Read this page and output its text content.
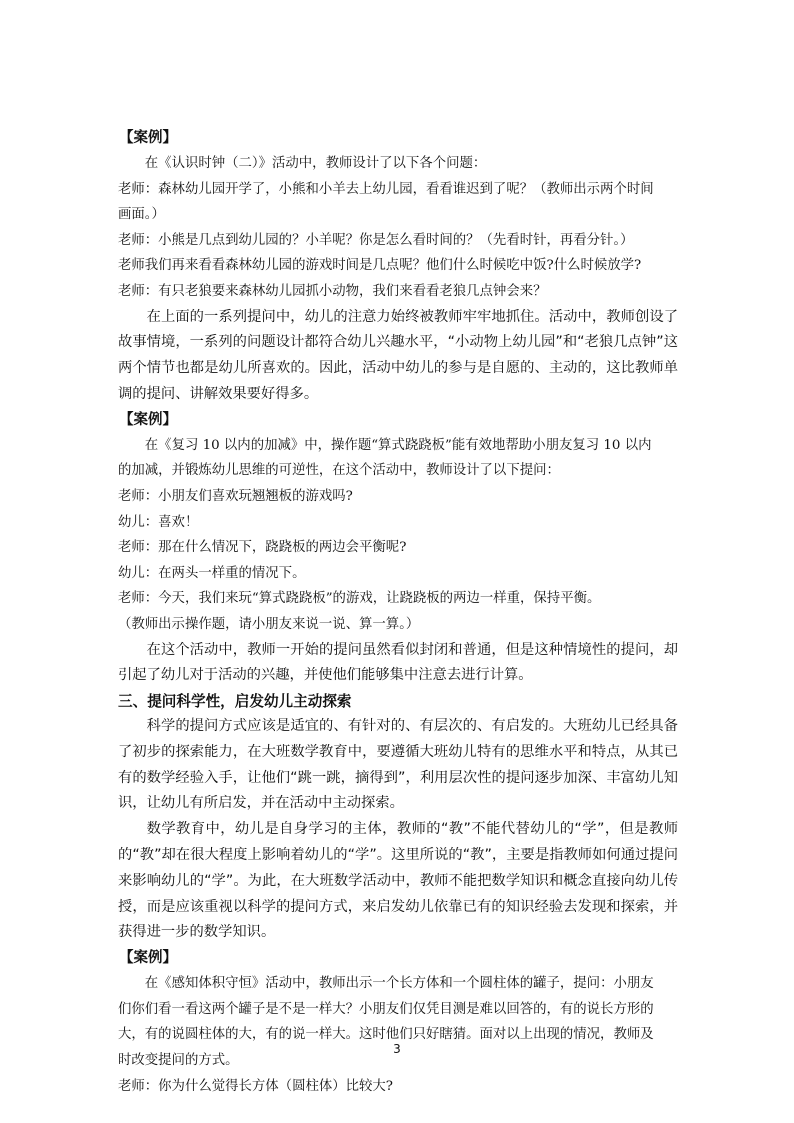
【案例】
在《认识时钟（二）》活动中，教师设计了以下各个问题：
老师：森林幼儿园开学了，小熊和小羊去上幼儿园，看看谁迟到了呢？（教师出示两个时间
画面。）
老师：小熊是几点到幼儿园的？小羊呢？你是怎么看时间的？（先看时针，再看分针。）
老师我们再来看看森林幼儿园的游戏时间是几点呢？他们什么时候吃中饭?什么时候放学?
老师：有只老狼要来森林幼儿园抓小动物，我们来看看老狼几点钟会来？
在上面的一系列提问中，幼儿的注意力始终被教师牢牢地抓住。活动中，教师创设了故事情境，一系列的问题设计都符合幼儿兴趣水平，“小动物上幼儿园”和“老狼几点钟”这两个情节也都是幼儿所喜欢的。因此，活动中幼儿的参与是自愿的、主动的，这比教师单调的提问、讲解效果要好得多。
【案例】
在《复习 10 以内的加减》中，操作题“算式跷跷板”能有效地帮助小朋友复习 10 以内
的加减，并锻炼幼儿思维的可逆性，在这个活动中，教师设计了以下提问：
老师：小朋友们喜欢玩翘翘板的游戏吗?
幼儿：喜欢！
老师：那在什么情况下，跷跷板的两边会平衡呢?
幼儿：在两头一样重的情况下。
老师：今天，我们来玩“算式跷跷板”的游戏，让跷跷板的两边一样重，保持平衡。
（教师出示操作题，请小朋友来说一说、算一算。）
在这个活动中，教师一开始的提问虽然看似封闭和普通，但是这种情境性的提问，却引起了幼儿对于活动的兴趣，并使他们能够集中注意去进行计算。
三、提问科学性，启发幼儿主动探索
科学的提问方式应该是适宜的、有针对的、有层次的、有启发的。大班幼儿已经具备了初步的探索能力，在大班数学教育中，要遵循大班幼儿特有的思维水平和特点，从其已有的数学经验入手，让他们“跳一跳，摘得到”，利用层次性的提问逐步加深、丰富幼儿知识，让幼儿有所启发，并在活动中主动探索。
数学教育中，幼儿是自身学习的主体，教师的“教”不能代替幼儿的“学”，但是教师的“教”却在很大程度上影响着幼儿的“学”。这里所说的“教”，主要是指教师如何通过提问来影响幼儿的“学”。为此，在大班数学活动中，教师不能把数学知识和概念直接向幼儿传授，而是应该重视以科学的提问方式，来启发幼儿依靠已有的知识经验去发现和探索，并获得进一步的数学知识。
【案例】
在《感知体积守恒》活动中，教师出示一个长方体和一个圆柱体的罐子，提问：小朋友
们你们看一看这两个罐子是不是一样大？小朋友们仅凭目测是难以回答的，有的说长方形的
大，有的说圆柱体的大，有的说一样大。这时他们只好瞎猜。面对以上出现的情况，教师及
时改变提问的方式。
老师：你为什么觉得长方体（圆柱体）比较大?
3
